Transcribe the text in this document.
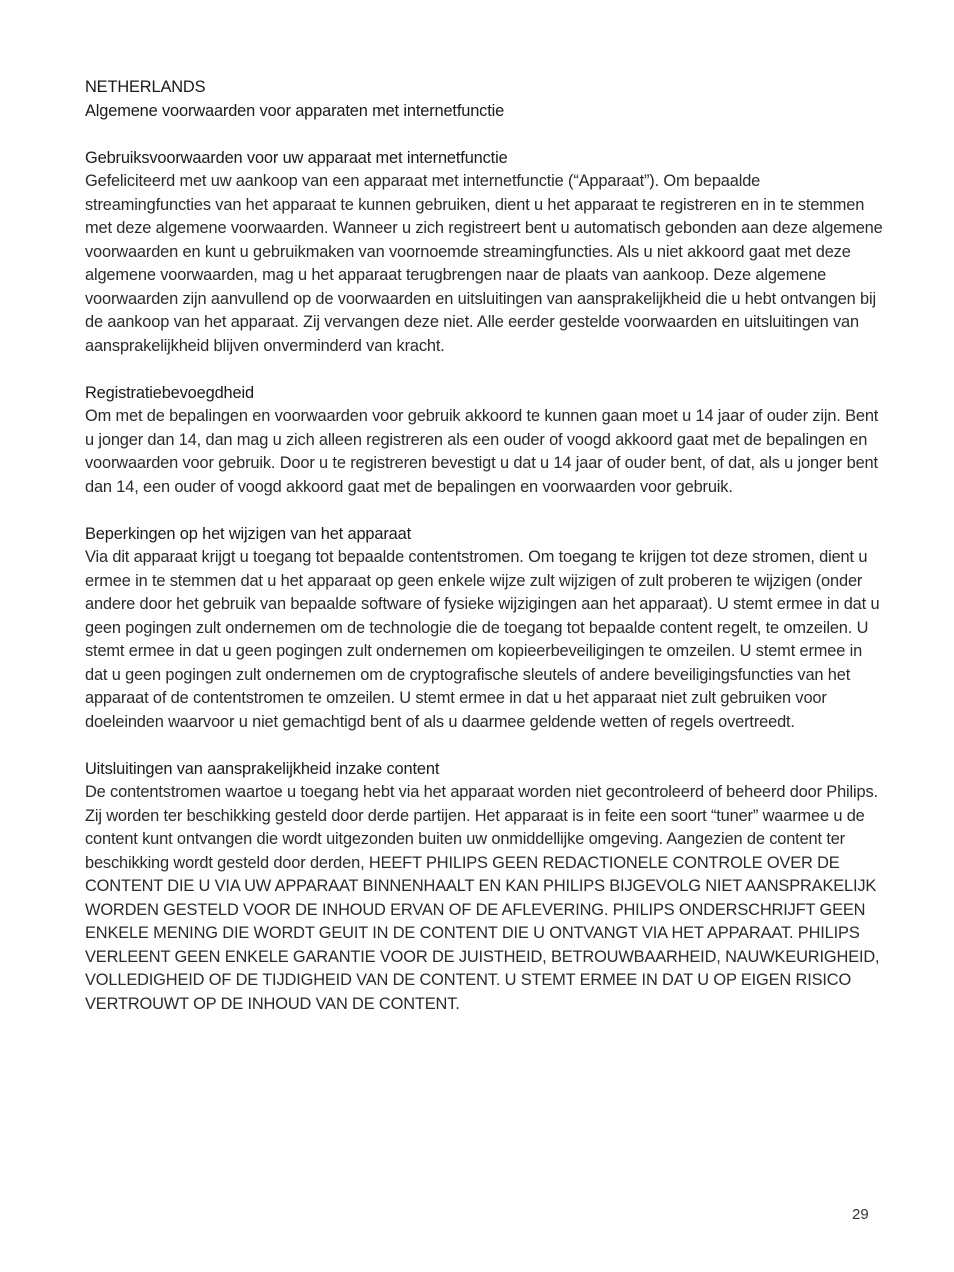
NETHERLANDS

Algemene voorwaarden voor apparaten met internetfunctie

Gebruiksvoorwaarden voor uw apparaat met internetfunctie

Gefeliciteerd met uw aankoop van een apparaat met internetfunctie (“Apparaat”). Om bepaalde streamingfuncties van het apparaat te kunnen gebruiken, dient u het apparaat te registreren en in te stemmen met deze algemene voorwaarden. Wanneer u zich registreert bent u automatisch gebonden aan deze algemene voorwaarden en kunt u gebruikmaken van voornoemde streamingfuncties. Als u niet akkoord gaat met deze algemene voorwaarden, mag u het apparaat terugbrengen naar de plaats van aankoop. Deze algemene voorwaarden zijn aanvullend op de voorwaarden en uitsluitingen van aansprakelijkheid die u hebt ontvangen bij de aankoop van het apparaat. Zij vervangen deze niet. Alle eerder gestelde voorwaarden en uitsluitingen van aansprakelijkheid blijven onverminderd van kracht.

Registratiebevoegdheid

Om met de bepalingen en voorwaarden voor gebruik akkoord te kunnen gaan moet u 14 jaar of ouder zijn. Bent u jonger dan 14, dan mag u zich alleen registreren als een ouder of voogd akkoord gaat met de bepalingen en voorwaarden voor gebruik. Door u te registreren bevestigt u dat u 14 jaar of ouder bent, of dat, als u jonger bent dan 14, een ouder of voogd akkoord gaat met de bepalingen en voorwaarden voor gebruik.

Beperkingen op het wijzigen van het apparaat

Via dit apparaat krijgt u toegang tot bepaalde contentstromen. Om toegang te krijgen tot deze stromen, dient u ermee in te stemmen dat u het apparaat op geen enkele wijze zult wijzigen of zult proberen te wijzigen (onder andere door het gebruik van bepaalde software of fysieke wijzigingen aan het apparaat). U stemt ermee in dat u geen pogingen zult ondernemen om de technologie die de toegang tot bepaalde content regelt, te omzeilen. U stemt ermee in dat u geen pogingen zult ondernemen om kopieerbeveiligingen te omzeilen. U stemt ermee in dat u geen pogingen zult ondernemen om de cryptografische sleutels of andere beveiligingsfuncties van het apparaat of de contentstromen te omzeilen. U stemt ermee in dat u het apparaat niet zult gebruiken voor doeleinden waarvoor u niet gemachtigd bent of als u daarmee geldende wetten of regels overtreedt.

Uitsluitingen van aansprakelijkheid inzake content

De contentstromen waartoe u toegang hebt via het apparaat worden niet gecontroleerd of beheerd door Philips. Zij worden ter beschikking gesteld door derde partijen. Het apparaat is in feite een soort “tuner” waarmee u de content kunt ontvangen die wordt uitgezonden buiten uw onmiddellijke omgeving. Aangezien de content ter beschikking wordt gesteld door derden, HEEFT PHILIPS GEEN REDACTIONELE CONTROLE OVER DE CONTENT DIE U VIA UW APPARAAT BINNENHAALT EN KAN PHILIPS BIJGEVOLG NIET AANSPRAKELIJK WORDEN GESTELD VOOR DE INHOUD ERVAN OF DE AFLEVERING. PHILIPS ONDERSCHRIJFT GEEN ENKELE MENING DIE WORDT GEUIT IN DE CONTENT DIE U ONTVANGT VIA HET APPARAAT. PHILIPS VERLEENT GEEN ENKELE GARANTIE VOOR DE JUISTHEID, BETROUWBAARHEID, NAUWKEURIGHEID, VOLLEDIGHEID OF DE TIJDIGHEID VAN DE CONTENT. U STEMT ERMEE IN DAT U OP EIGEN RISICO VERTROUWT OP DE INHOUD VAN DE CONTENT.

29
